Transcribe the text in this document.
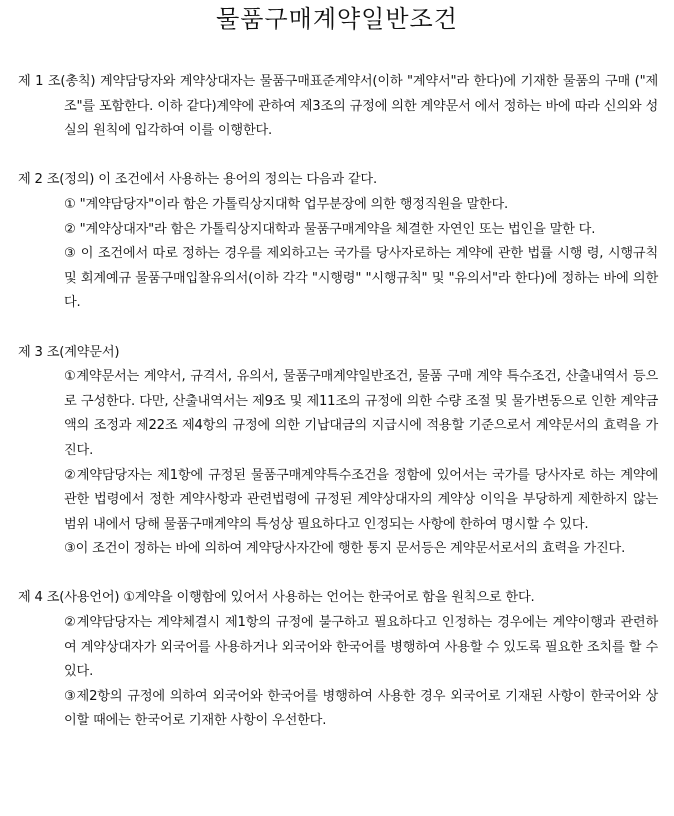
물품구매계약일반조건
제 1 조(총칙) 계약담당자와 계약상대자는 물품구매표준계약서(이하 "계약서"라 한다)에 기재한 물품의 구매 ("제조"를 포함한다. 이하 같다)계약에 관하여 제3조의 규정에 의한 계약문서 에서 정하는 바에 따라 신의와 성실의 원칙에 입각하여 이를 이행한다.
제 2 조(정의) 이 조건에서 사용하는 용어의 정의는 다음과 같다.
① "계약담당자"이라 함은 가톨릭상지대학 업무분장에 의한 행정직원을 말한다.
② "계약상대자"라 함은 가톨릭상지대학과 물품구매계약을 체결한 자연인 또는 법인을 말한 다.
③ 이 조건에서 따로 정하는 경우를 제외하고는 국가를 당사자로하는 계약에 관한 법률 시행 령, 시행규칙 및 회계예규 물품구매입찰유의서(이하 각각 "시행령" "시행규칙" 및 "유의서"라 한다)에 정하는 바에 의한다.
제 3 조(계약문서)
①계약문서는 계약서, 규격서, 유의서, 물품구매계약일반조건, 물품 구매 계약 특수조건, 산출내역서 등으로 구성한다. 다만, 산출내역서는 제9조 및 제11조의 규정에 의한 수량 조절 및 물가변동으로 인한 계약금액의 조정과 제22조 제4항의 규정에 의한 기납대금의 지급시에 적용할 기준으로서 계약문서의 효력을 가진다.
②계약담당자는 제1항에 규정된 물품구매계약특수조건을 정함에 있어서는 국가를 당사자로 하는 계약에 관한 법령에서 정한 계약사항과 관련법령에 규정된 계약상대자의 계약상 이익을 부당하게 제한하지 않는 범위 내에서 당해 물품구매계약의 특성상 필요하다고 인정되는 사항에 한하여 명시할 수 있다.
③이 조건이 정하는 바에 의하여 계약당사자간에 행한 통지 문서등은 계약문서로서의 효력을 가진다.
제 4 조(사용언어) ①계약을 이행함에 있어서 사용하는 언어는 한국어로 함을 원칙으로 한다.
②계약담당자는 계약체결시 제1항의 규정에 불구하고 필요하다고 인정하는 경우에는 계약이행과 관련하여 계약상대자가 외국어를 사용하거나 외국어와 한국어를 병행하여 사용할 수 있도록 필요한 조치를 할 수 있다.
③제2항의 규정에 의하여 외국어와 한국어를 병행하여 사용한 경우 외국어로 기재된 사항이 한국어와 상이할 때에는 한국어로 기재한 사항이 우선한다.
